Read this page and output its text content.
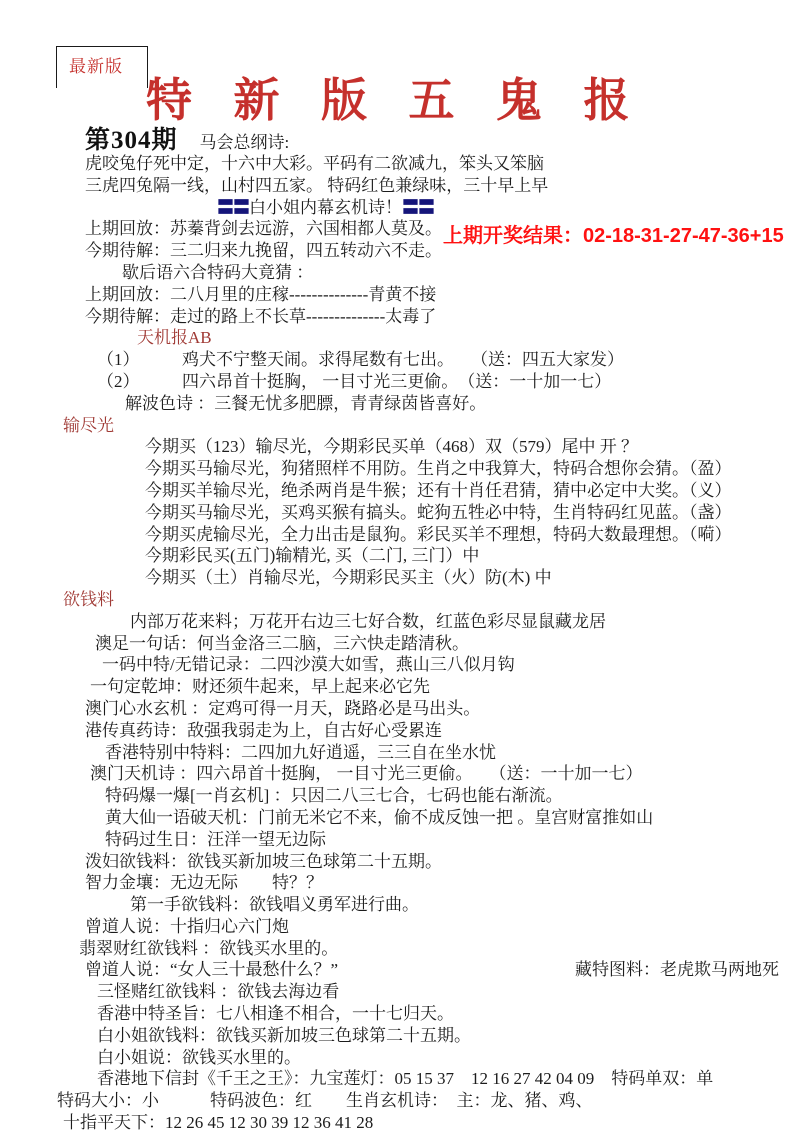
最新版
特 新 版 五 鬼 报
上期开奖结果：02-18-31-27-47-36+15
第304期 马会总纲诗:
虎咬兔仔死中定，十六中大彩。平码有二欲减九，笨头又笨脑
三虎四兔隔一线，山村四五家。 特码红色兼绿味，三十早上早
〓〓白小姐内幕玄机诗！〓〓
上期回放：苏蓁背剑去远游，六国相都人莫及。
今期待解：三二归来九挽留，四五转动六不走。
歇后语六合特码大竟猜 ：
上期回放：二八月里的庄稼--------------青黄不接
今期待解：走过的路上不长草--------------太毒了
天机报AB
（1）　　　鸡犬不宁整天闹。求得尾数有七出。　　（送：四五大家发）
（2）　　　四六昂首十挺胸， 一目寸光三更偷。　（送：一十加一七）
解波色诗 ：三餐无忧多肥膘，青青绿茵皆喜好。
输尽光
今期买（123）输尽光，今期彩民买单（468）双（579）尾中 开 ？
今期买马输尽光，狗猪照样不用防。生肖之中我算大，特码合想你会猜。（盈）
今期买羊输尽光，绝杀两肖是牛猴；还有十肖任君猜，猜中必定中大奖。（义）
今期买马输尽光，买鸡买猴有搞头。蛇狗五牲必中特，生肖特码红见蓝。（盏）
今期买虎输尽光，全力出击是鼠狗。彩民买羊不理想，特码大数最理想。（嗬）
今期彩民买(五门)输精光, 买（二门, 三门）中
今期买（土）肖输尽光，今期彩民买主（火）防(木) 中
欲钱料
内部万花来料；万花开右边三七好合数，红蓝色彩尽显鼠藏龙居
澳足一句话：何当金洛三二脑，三六快走踏清秋。
一码中特/无错记录：二四沙漠大如雪，燕山三八似月钩
一句定乾坤：财还须牛起来，早上起来必它先
澳门心水玄机 ：定鸡可得一月天，跷路必是马出头。
港传真药诗：敌强我弱走为上，自古好心受累连
香港特别中特料：二四加九好逍遥，三三自在坐水忧
澳门天机诗 ：四六昂首十挺胸， 一目寸光三更偷。　　（送：一十加一七）
特码爆一爆[一肖玄机] ：只因二八三七合，七码也能右渐流。
黄大仙一语破天机：门前无米它不来，偷不成反蚀一把 。皇宫财富推如山
特码过生日：汪洋一望无边际
泼妇欲钱料：欲钱买新加坡三色球第二十五期。
智力金壤：无边无际　　特？？
第一手欲钱料：欲钱唱义勇军进行曲。
曾道人说：十指归心六门炮
翡翠财红欲钱料 ：欲钱买水里的。
曾道人说：“女人三十最愁什么？”	藏特图料：老虎欺马两地死
三怪赌红欲钱料 ：欲钱去海边看
香港中特圣旨：七八相逢不相合，一十七归天。
白小姐欲钱料：欲钱买新加坡三色球第二十五期。
白小姐说：欲钱买水里的。
香港地下信封《千王之王》：九宝莲灯：05 15 37　12 16 27 42 04 09　特码单双：单
特码大小：小　　　特码波色：红　　生肖玄机诗：　主：龙、猪、鸡、
十指平天下：12 26 45 12 30 39 12 36 41 28
